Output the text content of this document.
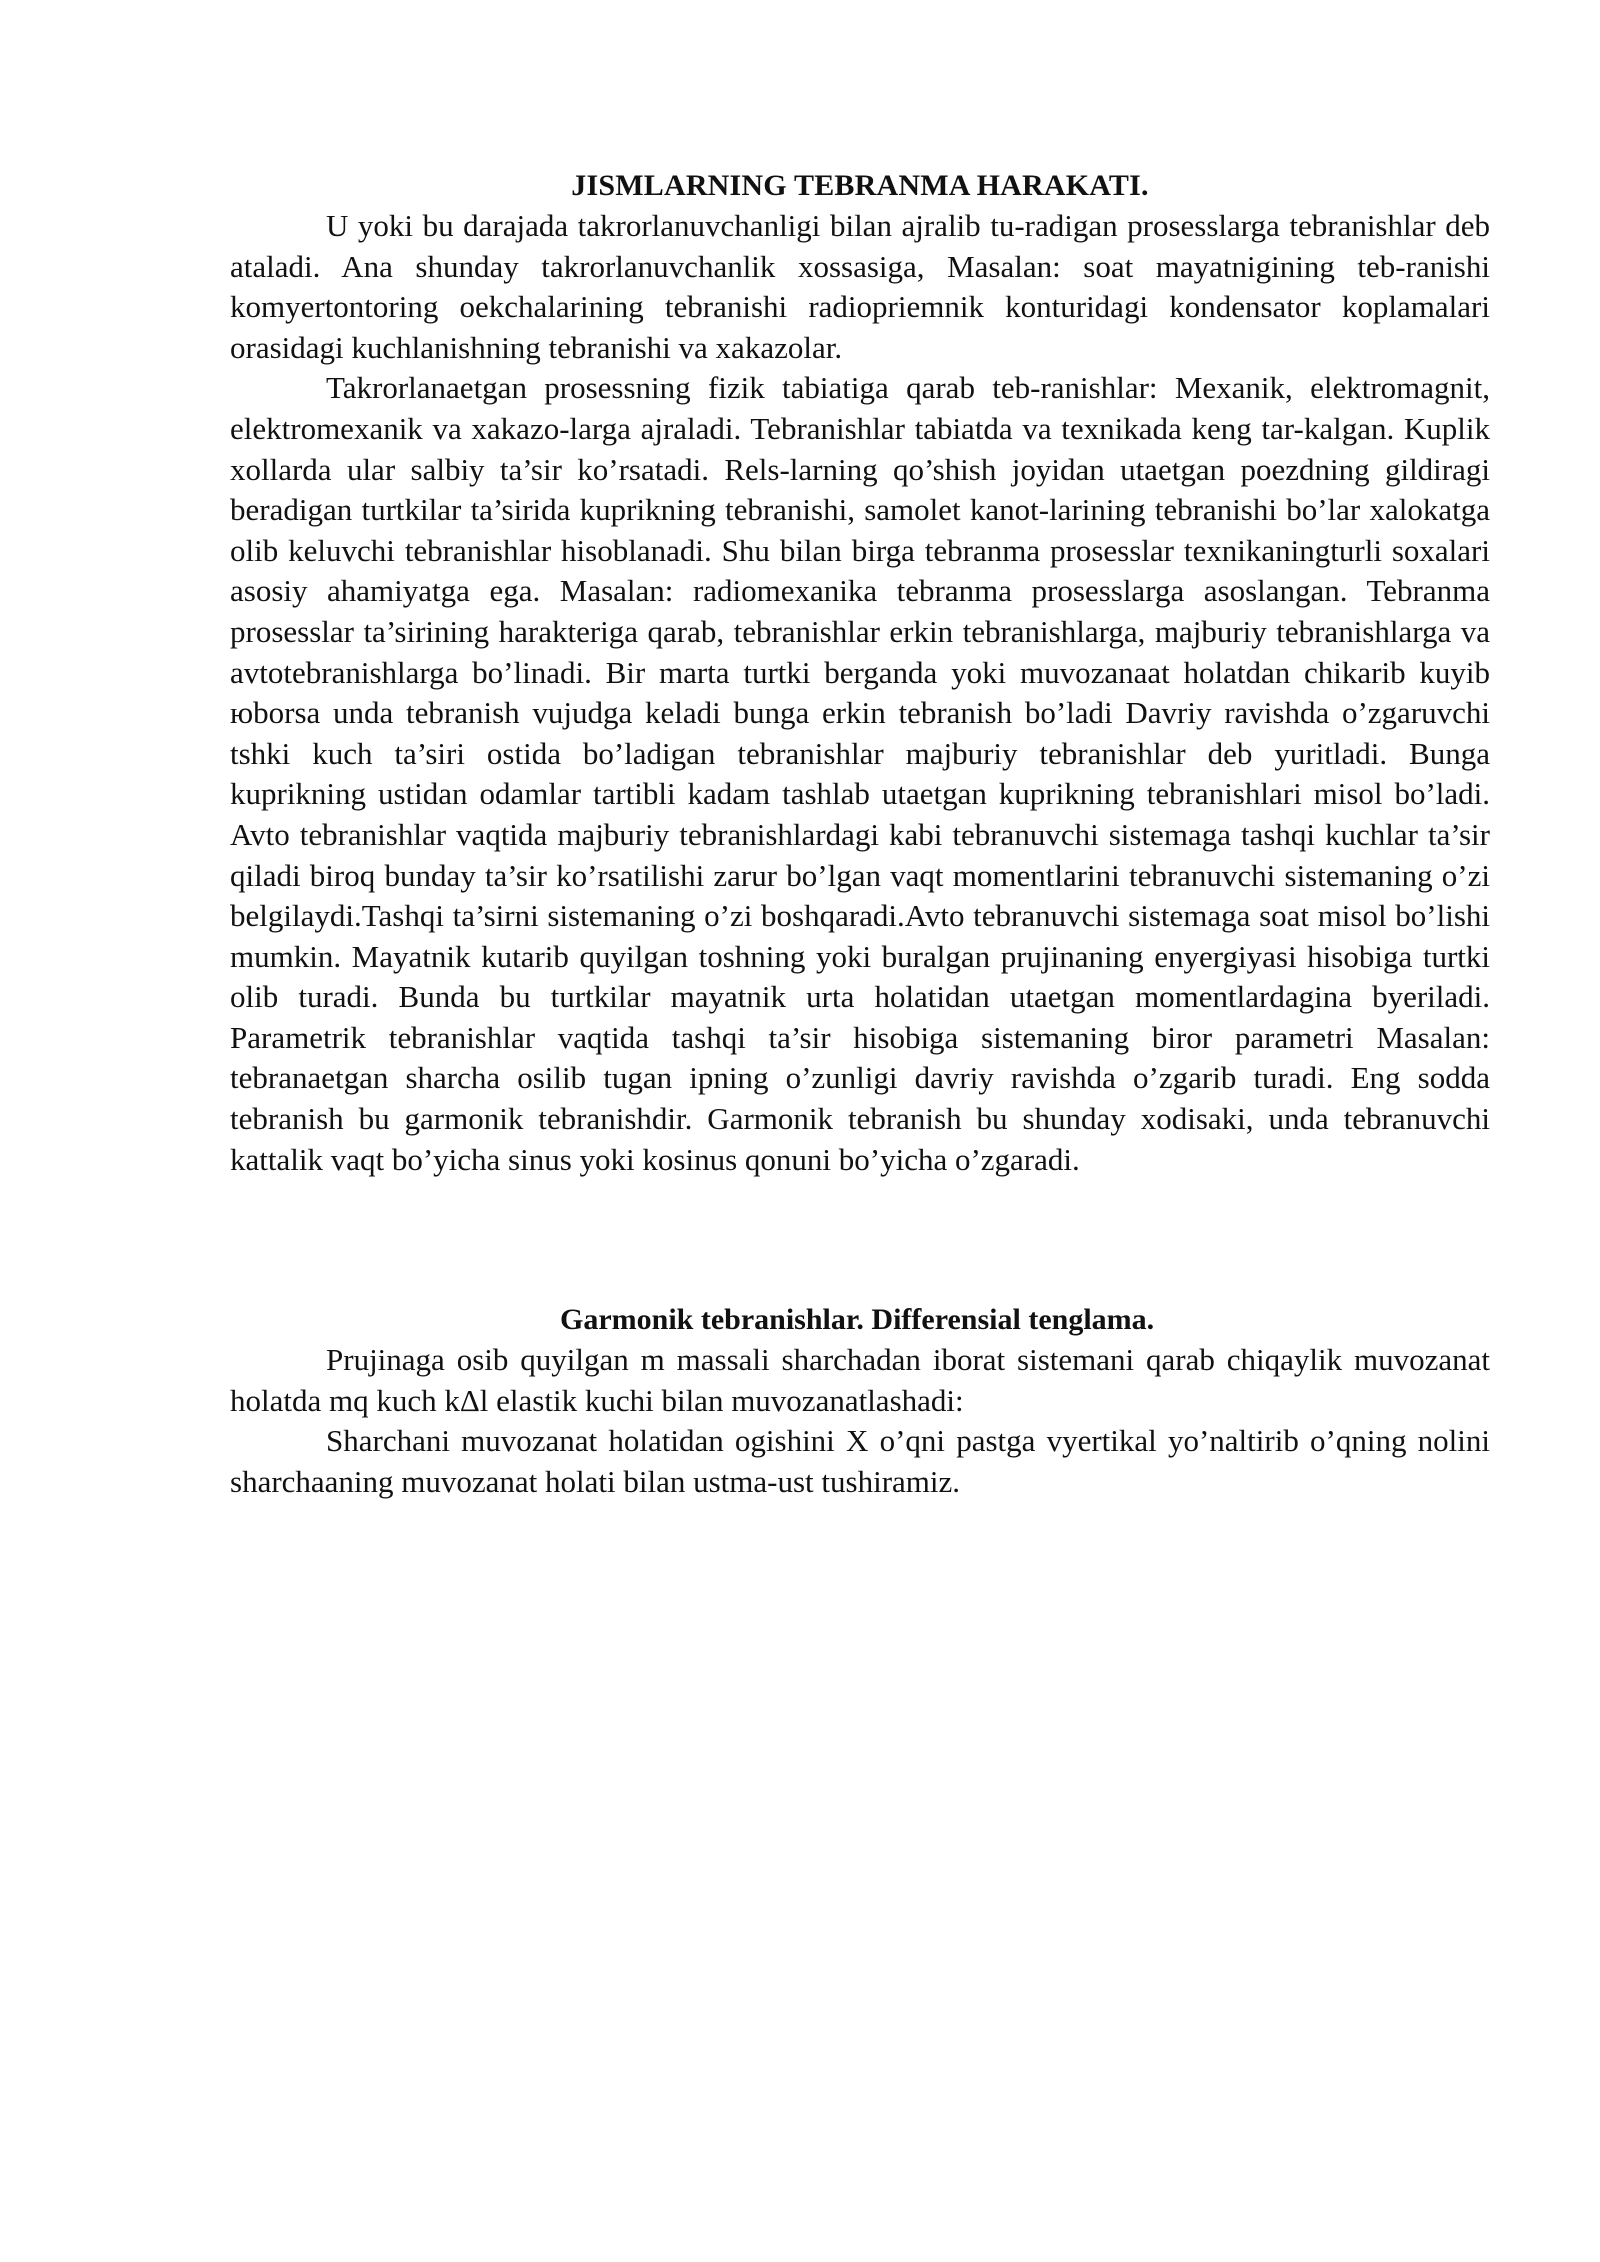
JISMLARNING TEBRANMA HARAKATI.

U yoki bu darajada takrorlanuvchanligi bilan ajralib tu-radigan prosesslarga tebranishlar deb ataladi. Ana shunday takrorlanuvchanlik xossasiga, Masalan: soat mayatnigining teb-ranishi komyertontoring oekchalarining tebranishi radiopriemnik konturidagi kondensator koplamalari orasidagi kuchlanishning tebranishi va xakazolar.

Takrorlanaetgan prosessning fizik tabiatiga qarab teb-ranishlar: Mexanik, elektromagnit, elektromexanik va xakazo-larga ajraladi. Tebranishlar tabiatda va texnikada keng tar-kalgan. Kuplik xollarda ular salbiy ta’sir ko’rsatadi. Rels-larning qo’shish joyidan utaetgan poezdning gildiragi beradigan turtkilar ta’sirida kuprikning tebranishi, samolet kanot-larining tebranishi bo’lar xalokatga olib keluvchi tebranishlar hisoblanadi. Shu bilan birga tebranma prosesslar texnikaningturli soxalari asosiy ahamiyatga ega. Masalan: radiomexanika tebranma prosesslarga asoslangan. Tebranma prosesslar ta’sirining harakteriga qarab, tebranishlar erkin tebranishlarga, majburiy tebranishlarga va avtotebranishlarga bo’linadi. Bir marta turtki berganda yoki muvozanaat holatdan chikarib kuyib юborsa unda tebranish vujudga keladi bunga erkin tebranish bo’ladi Davriy ravishda o’zgaruvchi tshki kuch ta’siri ostida bo’ladigan tebranishlar majburiy tebranishlar deb yuritladi. Bunga kuprikning ustidan odamlar tartibli kadam tashlab utaetgan kuprikning tebranishlari misol bo’ladi. Avto tebranishlar vaqtida majburiy tebranishlardagi kabi tebranuvchi sistemaga tashqi kuchlar ta’sir qiladi biroq bunday ta’sir ko’rsatilishi zarur bo’lgan vaqt momentlarini tebranuvchi sistemaning o’zi belgilaydi.Tashqi ta’sirni sistemaning o’zi boshqaradi.Avto tebranuvchi sistemaga soat misol bo’lishi mumkin. Mayatnik kutarib quyilgan toshning yoki buralgan prujinaning enyergiyasi hisobiga turtki olib turadi. Bunda bu turtkilar mayatnik urta holatidan utaetgan momentlardagina byeriladi. Parametrik tebranishlar vaqtida tashqi ta’sir hisobiga sistemaning biror parametri Masalan: tebranaetgan sharcha osilib tugan ipning o’zunligi davriy ravishda o’zgarib turadi. Eng sodda tebranish bu garmonik tebranishdir. Garmonik tebranish bu shunday xodisaki, unda tebranuvchi kattalik vaqt bo’yicha sinus yoki kosinus qonuni bo’yicha o’zgaradi.

Garmonik tebranishlar. Differensial tenglama.

Prujinaga osib quyilgan m massali sharchadan iborat sistemani qarab chiqaylik muvozanat holatda mq kuch kΔl elastik kuchi bilan muvozanatlashadi:

Sharchani muvozanat holatidan ogishini X o’qni pastga vyertikal yo’naltirib o’qning nolini sharchaaning muvozanat holati bilan ustma-ust tushiramiz.
